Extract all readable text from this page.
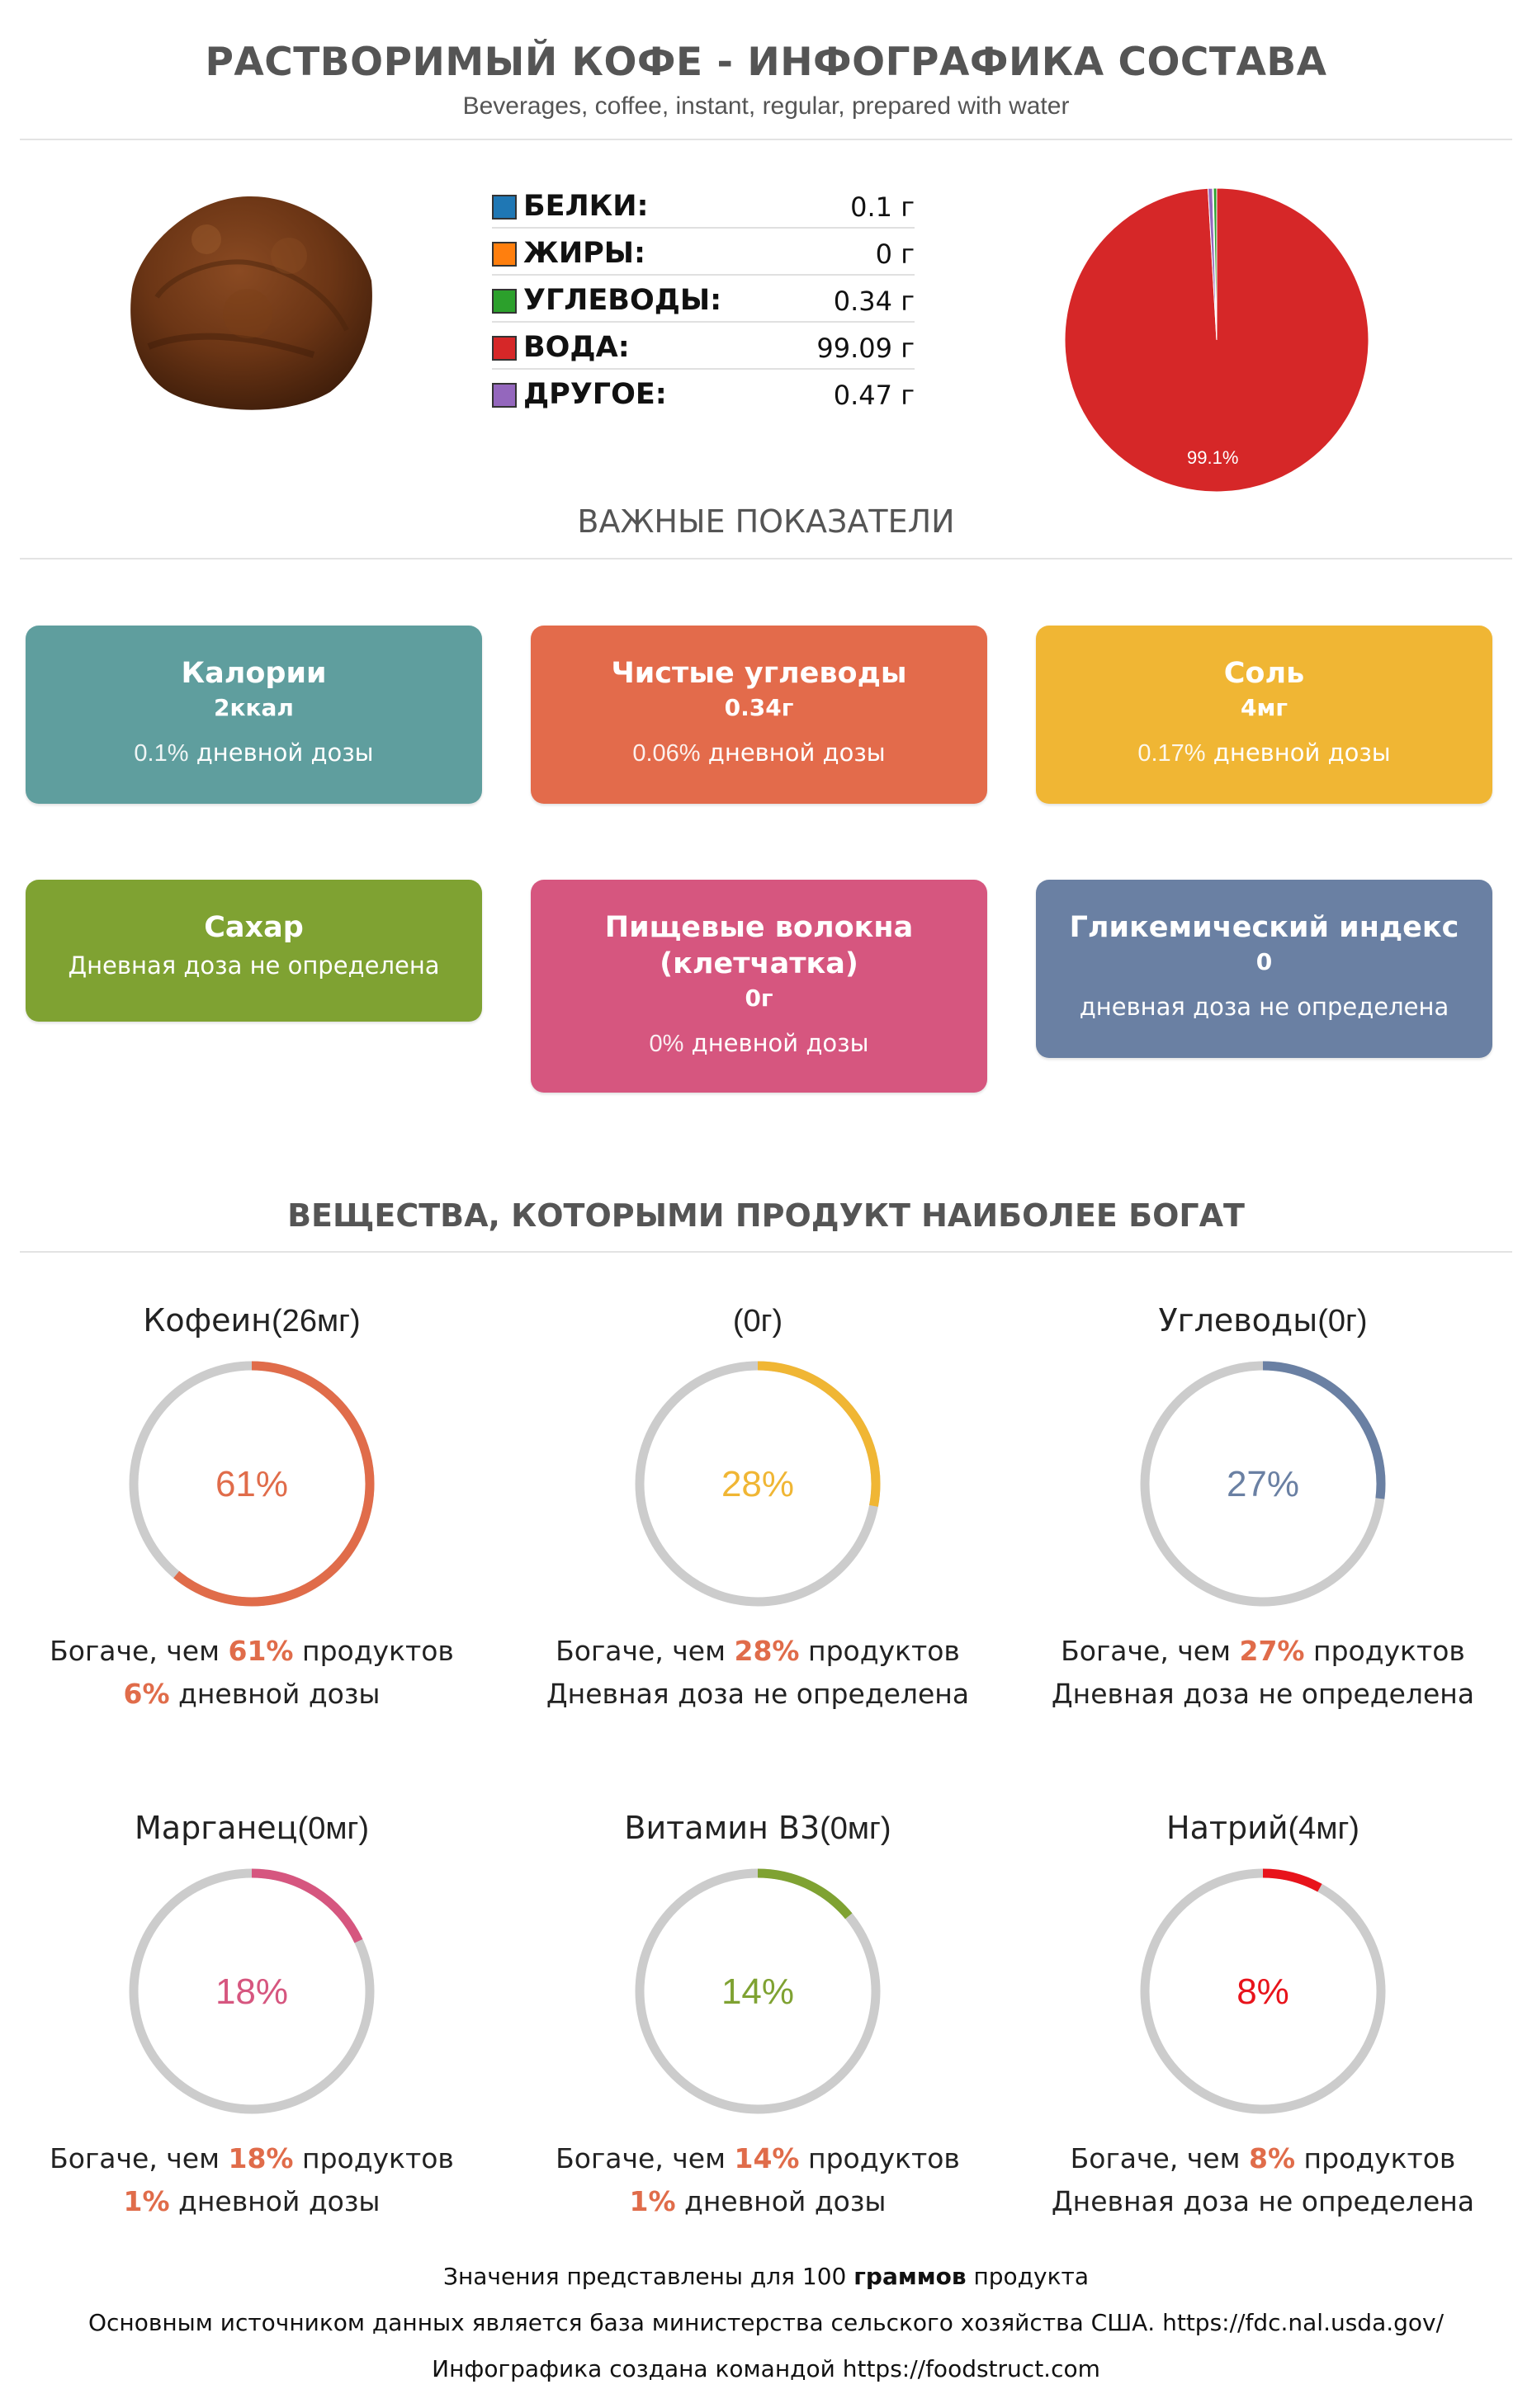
РАСТВОРИМЫЙ КОФЕ - ИНФОГРАФИКА СОСТАВА
Beverages, coffee, instant, regular, prepared with water
БЕЛКИ:	0.1 г
ЖИРЫ:	0 г
УГЛЕВОДЫ:	0.34 г
ВОДА:	99.09 г
ДРУГОЕ:	0.47 г
99.1%
ВАЖНЫЕ ПОКАЗАТЕЛИ
Калории
2ккал
0.1% дневной дозы
Чистые углеводы
0.34г
0.06% дневной дозы
Соль
4мг
0.17% дневной дозы
Сахар
Дневная доза не определена
Пищевые волокна (клетчатка)
0г
0% дневной дозы
Гликемический индекс
0
дневная доза не определена
ВЕЩЕСТВА, КОТОРЫМИ ПРОДУКТ НАИБОЛЕЕ БОГАТ
Кофеин(26мг)
61%
Богаче, чем 61% продуктов
6% дневной дозы
(0г)
28%
Богаче, чем 28% продуктов
Дневная доза не определена
Углеводы(0г)
27%
Богаче, чем 27% продуктов
Дневная доза не определена
Марганец(0мг)
18%
Богаче, чем 18% продуктов
1% дневной дозы
Витамин B3(0мг)
14%
Богаче, чем 14% продуктов
1% дневной дозы
Натрий(4мг)
8%
Богаче, чем 8% продуктов
Дневная доза не определена
Значения представлены для 100 граммов продукта
Основным источником данных является база министерства сельского хозяйства США. https://fdc.nal.usda.gov/
Инфографика создана командой https://foodstruct.com
